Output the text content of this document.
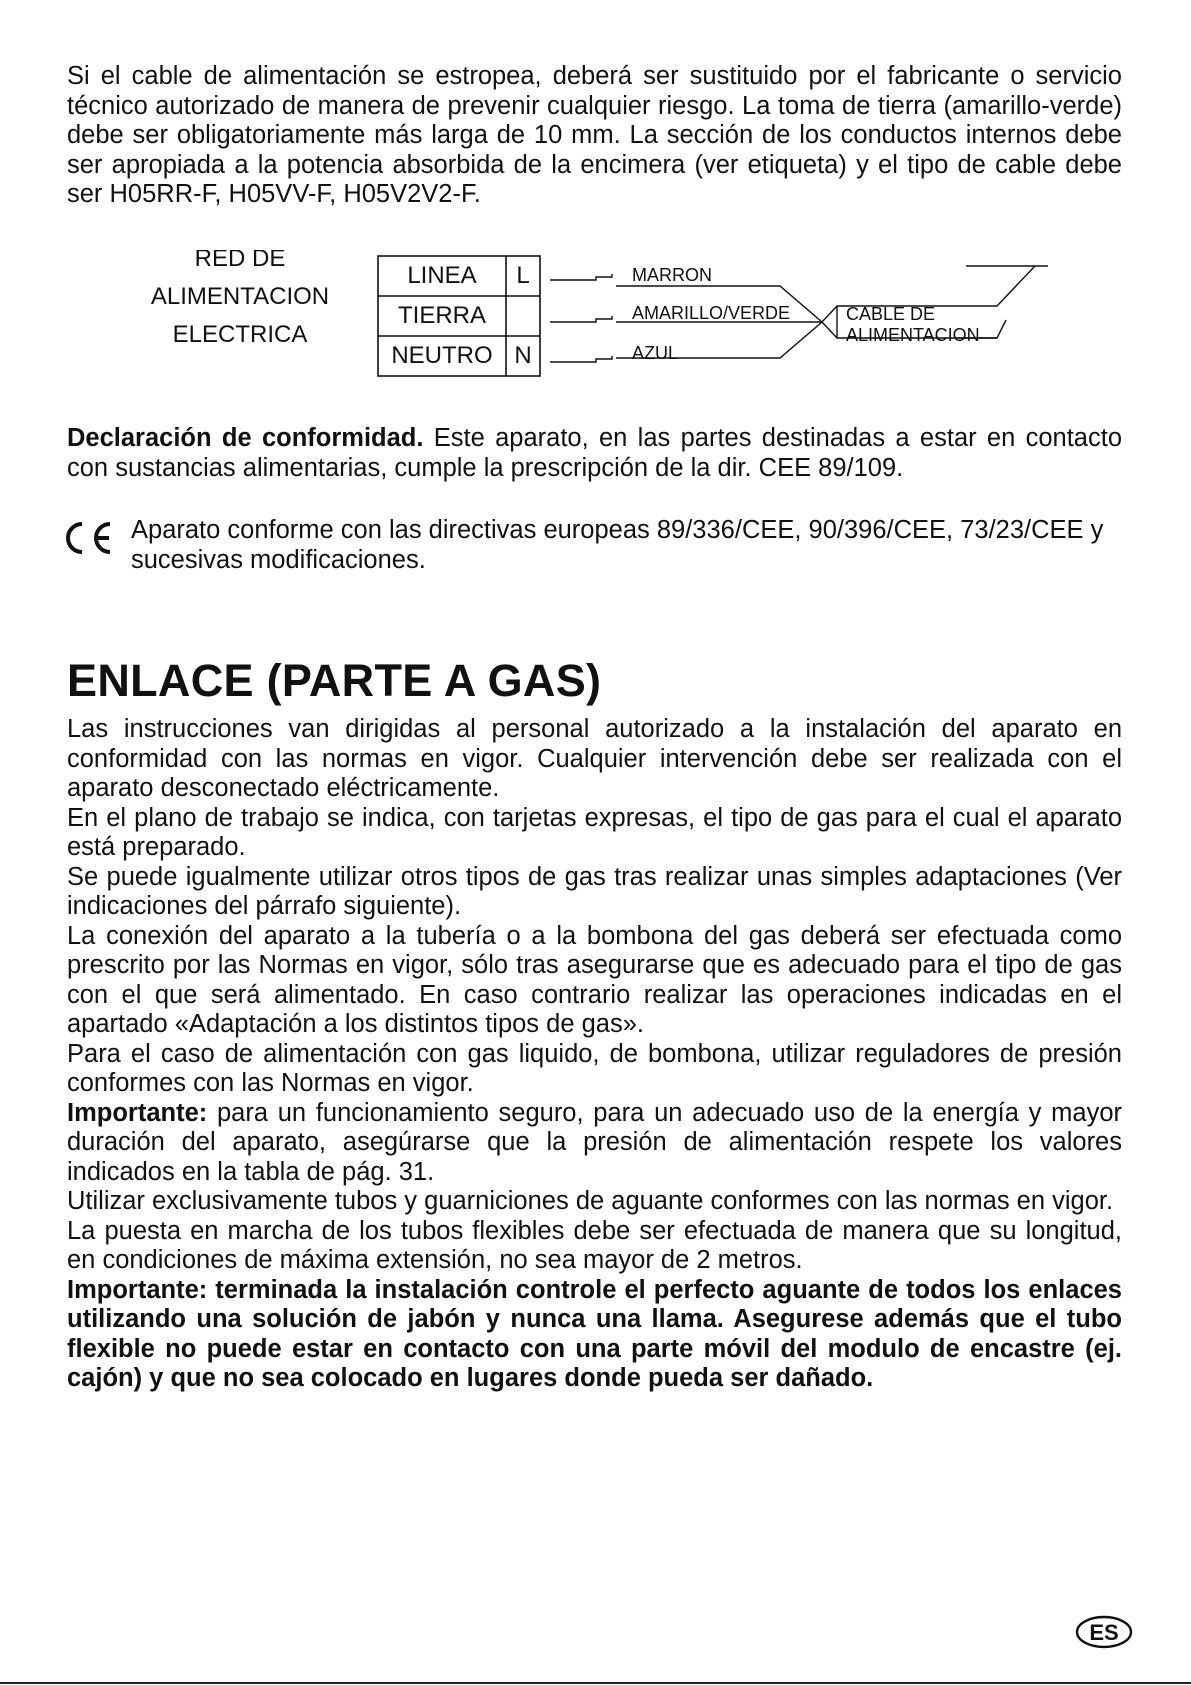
Si el cable de alimentación se estropea, deberá ser sustituido por el fabricante o servicio técnico autorizado de manera de prevenir cualquier riesgo. La toma de tierra (amarillo-verde) debe ser obligatoriamente más larga de 10 mm. La sección de los conductos internos debe ser apropiada a la potencia absorbida de la encimera (ver etiqueta) y el tipo de cable debe ser H05RR-F, H05VV-F, H05V2V2-F.

RED DE
ALIMENTACION
ELECTRICA
LINEA
TIERRA
NEUTRO
L
N
MARRON
AMARILLO/VERDE
AZUL
CABLE DE
ALIMENTACION

Declaración de conformidad. Este aparato, en las partes destinadas a estar en contacto con sustancias alimentarias, cumple la prescripción de la dir. CEE 89/109.

Aparato conforme con las directivas europeas 89/336/CEE, 90/396/CEE, 73/23/CEE y sucesivas modificaciones.
ENLACE (PARTE A GAS)

Las instrucciones van dirigidas al personal autorizado a la instalación del aparato en conformidad con las normas en vigor. Cualquier intervención debe ser realizada con el aparato desconectado eléctricamente.

En el plano de trabajo se indica, con tarjetas expresas, el tipo de gas para el cual el aparato está preparado.

Se puede igualmente utilizar otros tipos de gas tras realizar unas simples adaptaciones (Ver indicaciones del párrafo siguiente).

La conexión del aparato a la tubería o a la bombona del gas deberá ser efectuada como prescrito por las Normas en vigor, sólo tras asegurarse que es adecuado para el tipo de gas con el que será alimentado. En caso contrario realizar las operaciones indicadas en el apartado «Adaptación a los distintos tipos de gas».

Para el caso de alimentación con gas liquido, de bombona, utilizar reguladores de presión conformes con las Normas en vigor.

Importante: para un funcionamiento seguro, para un adecuado uso de la energía y mayor duración del aparato, asegúrarse que la presión de alimentación respete los valores indicados en la tabla de pág. 31.

Utilizar exclusivamente tubos y guarniciones de aguante conformes con las normas en vigor.

La puesta en marcha de los tubos flexibles debe ser efectuada de manera que su longitud, en condiciones de máxima extensión, no sea mayor de 2 metros.

Importante: terminada la instalación controle el perfecto aguante de todos los enlaces utilizando una solución de jabón y nunca una llama. Asegurese además que el tubo flexible no puede estar en contacto con una parte móvil del modulo de encastre (ej. cajón) y que no sea colocado en lugares donde pueda ser dañado.

ES
